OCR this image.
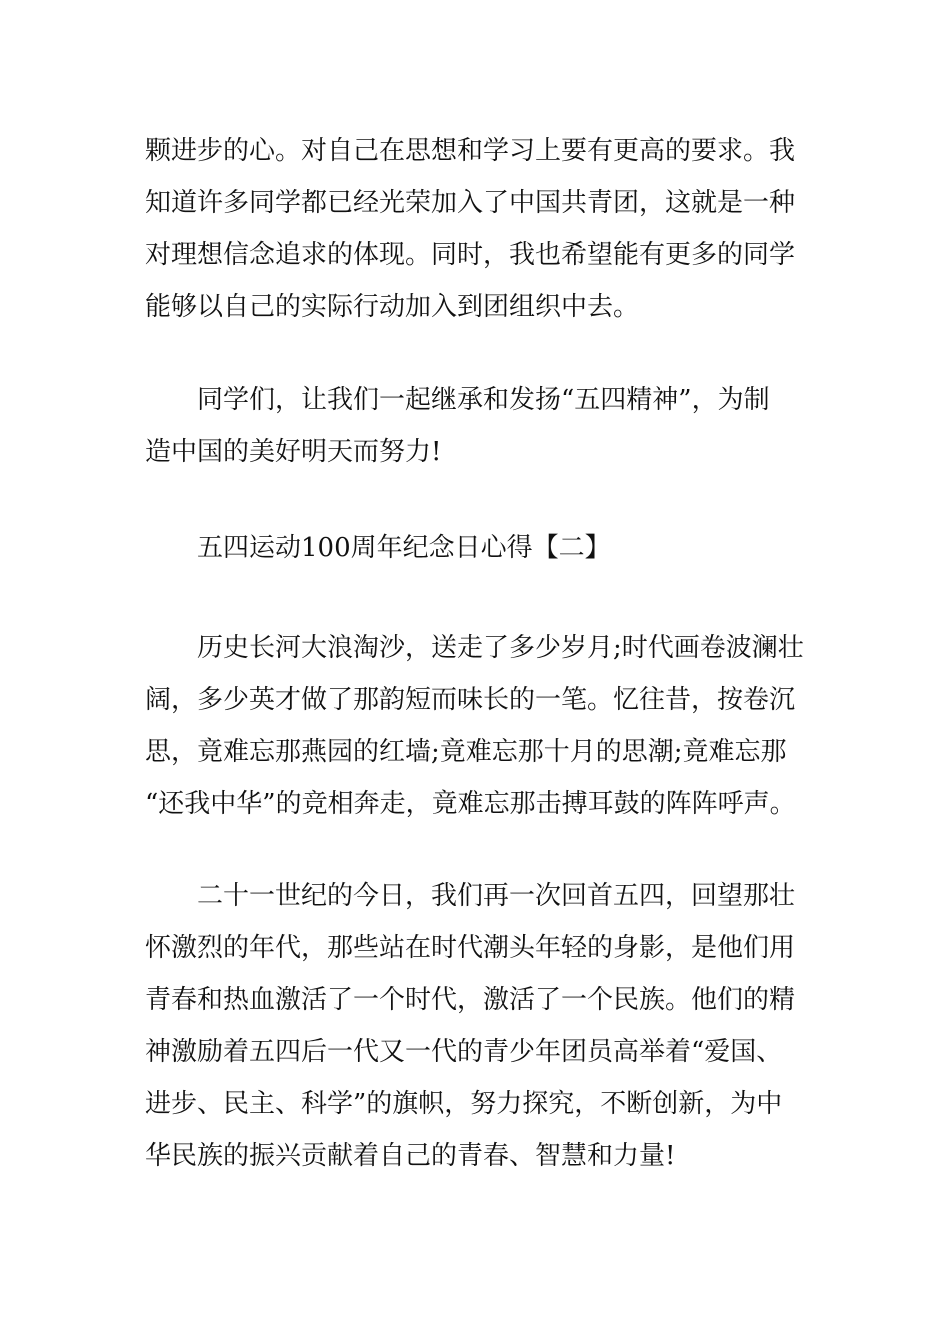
颗进步的心。对自己在思想和学习上要有更高的要求。我
知道许多同学都已经光荣加入了中国共青团，这就是一种
对理想信念追求的体现。同时，我也希望能有更多的同学
能够以自己的实际行动加入到团组织中去。
同学们，让我们一起继承和发扬“五四精神”，为制
造中国的美好明天而努力!
五四运动100周年纪念日心得【二】
历史长河大浪淘沙，送走了多少岁月;时代画卷波澜壮
阔，多少英才做了那韵短而味长的一笔。忆往昔，按卷沉
思，竟难忘那燕园的红墙;竟难忘那十月的思潮;竟难忘那
“还我中华”的竞相奔走，竟难忘那击搏耳鼓的阵阵呼声。
二十一世纪的今日，我们再一次回首五四，回望那壮
怀激烈的年代，那些站在时代潮头年轻的身影，是他们用
青春和热血激活了一个时代，激活了一个民族。他们的精
神激励着五四后一代又一代的青少年团员高举着“爱国、
进步、民主、科学”的旗帜，努力探究，不断创新，为中
华民族的振兴贡献着自己的青春、智慧和力量!
